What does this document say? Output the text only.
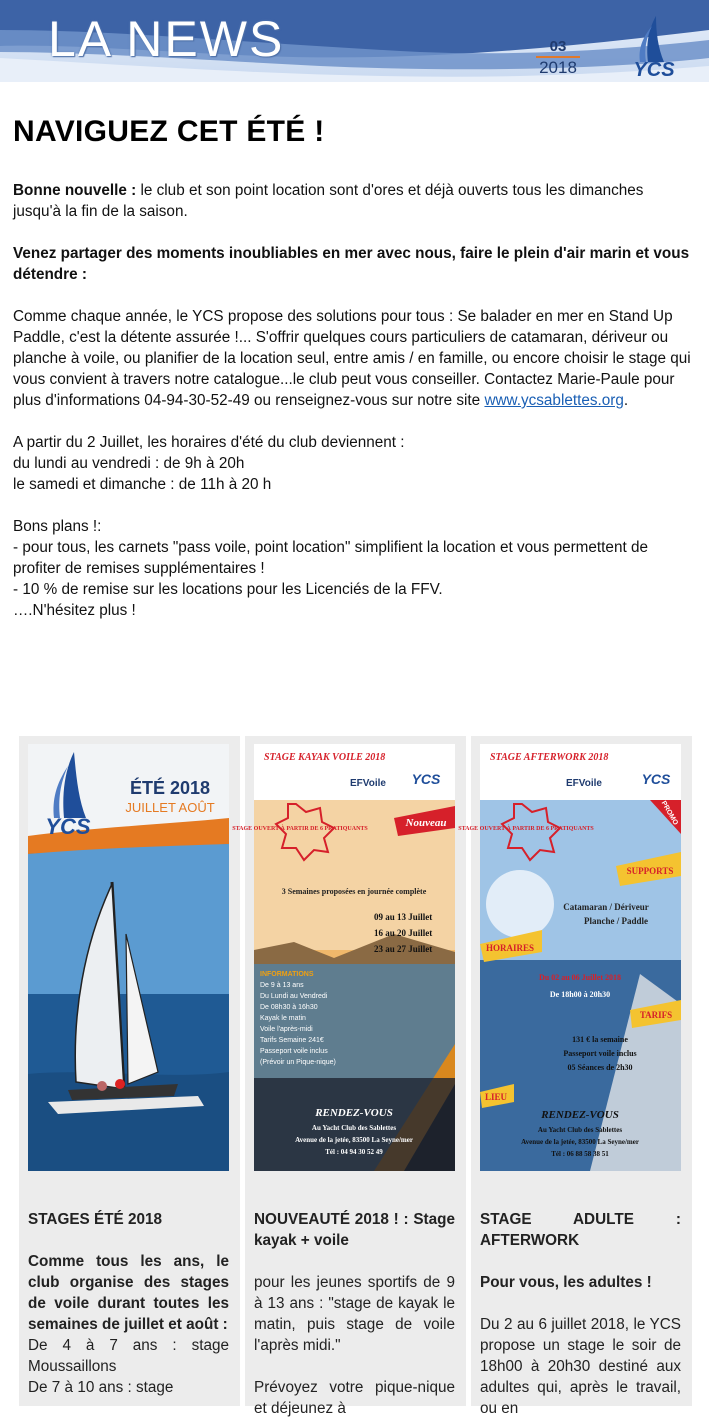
LA NEWS	03
2018	YCS
NAVIGUEZ CET ÉTÉ !

Bonne nouvelle : le club et son point location sont d'ores et déjà ouverts tous les dimanches jusqu'à la fin de la saison.

Venez partager des moments inoubliables en mer avec nous, faire le plein d'air marin et vous détendre :

Comme chaque année, le YCS propose des solutions pour tous : Se balader en mer en Stand Up Paddle, c'est la détente assurée !... S'offrir quelques cours particuliers de catamaran, dériveur ou planche à voile, ou planifier de la location seul, entre amis / en famille, ou encore choisir le stage qui vous convient à travers notre catalogue...le club peut vous conseiller. Contactez Marie-Paule pour plus d'informations 04-94-30-52-49 ou renseignez-vous sur notre site www.ycsablettes.org.

A partir du 2 Juillet, les horaires d'été du club deviennent :

du lundi au vendredi : de 9h à 20h

le samedi et dimanche : de 11h à 20 h

Bons plans !:

- pour tous, les carnets "pass voile, point location" simplifient la location et vous permettent de profiter de remises supplémentaires !

- 10 % de remise sur les locations pour les Licenciés de la FFV.

….N'hésitez plus !

YCS
ÉTÉ 2018
JUILLET AOÛT
STAGES ÉTÉ 2018
Comme tous les ans, le club organise des stages de voile durant toutes les semaines de juillet et août :
De 4 à 7 ans : stage Moussaillons
De 7 à 10 ans : stage
STAGE KAYAK VOILE 2018
EFVoile YCS
STAGE OUVERT À PARTIR DE 6 PRATIQUANTS	Nouveau
3 Semaines proposées en journée complète
09 au 13 Juillet
16 au 20 Juillet
23 au 27 Juillet
INFORMATIONS
De 9 à 13 ans
Du Lundi au Vendredi
De 08h30 à 16h30
Kayak le matin
Voile l'après-midi
Tarifs Semaine 241€
Passeport voile inclus
(Prévoir un Pique-nique)
RENDEZ-VOUS
Au Yacht Club des Sablettes
Avenue de la jetée, 83500 La Seyne/mer
Tél : 04 94 30 52 49
NOUVEAUTÉ 2018 ! : Stage kayak + voile
pour les jeunes sportifs de 9 à 13 ans : "stage de kayak le matin, puis stage de voile l'après midi."
Prévoyez votre pique-nique et déjeunez à
STAGE AFTERWORK 2018
EFVoile	YCS
STAGE OUVERT À PARTIR DE 6 PRATIQUANTS
PROMO
SUPPORTS
Catamaran / Dériveur
Planche / Paddle
HORAIRES
Du 02 au 06 Juillet 2018
De 18h00 à 20h30
TARIFS
131 € la semaine
Passeport voile inclus
05 Séances de 2h30
LIEU
RENDEZ-VOUS
Au Yacht Club des Sablettes
Avenue de la jetée, 83500 La Seyne/mer
Tél : 06 88 58 38 51
STAGE ADULTE : AFTERWORK
Pour vous, les adultes !
Du 2 au 6 juillet 2018, le YCS propose un stage le soir de 18h00 à 20h30 destiné aux adultes qui, après le travail, ou en
